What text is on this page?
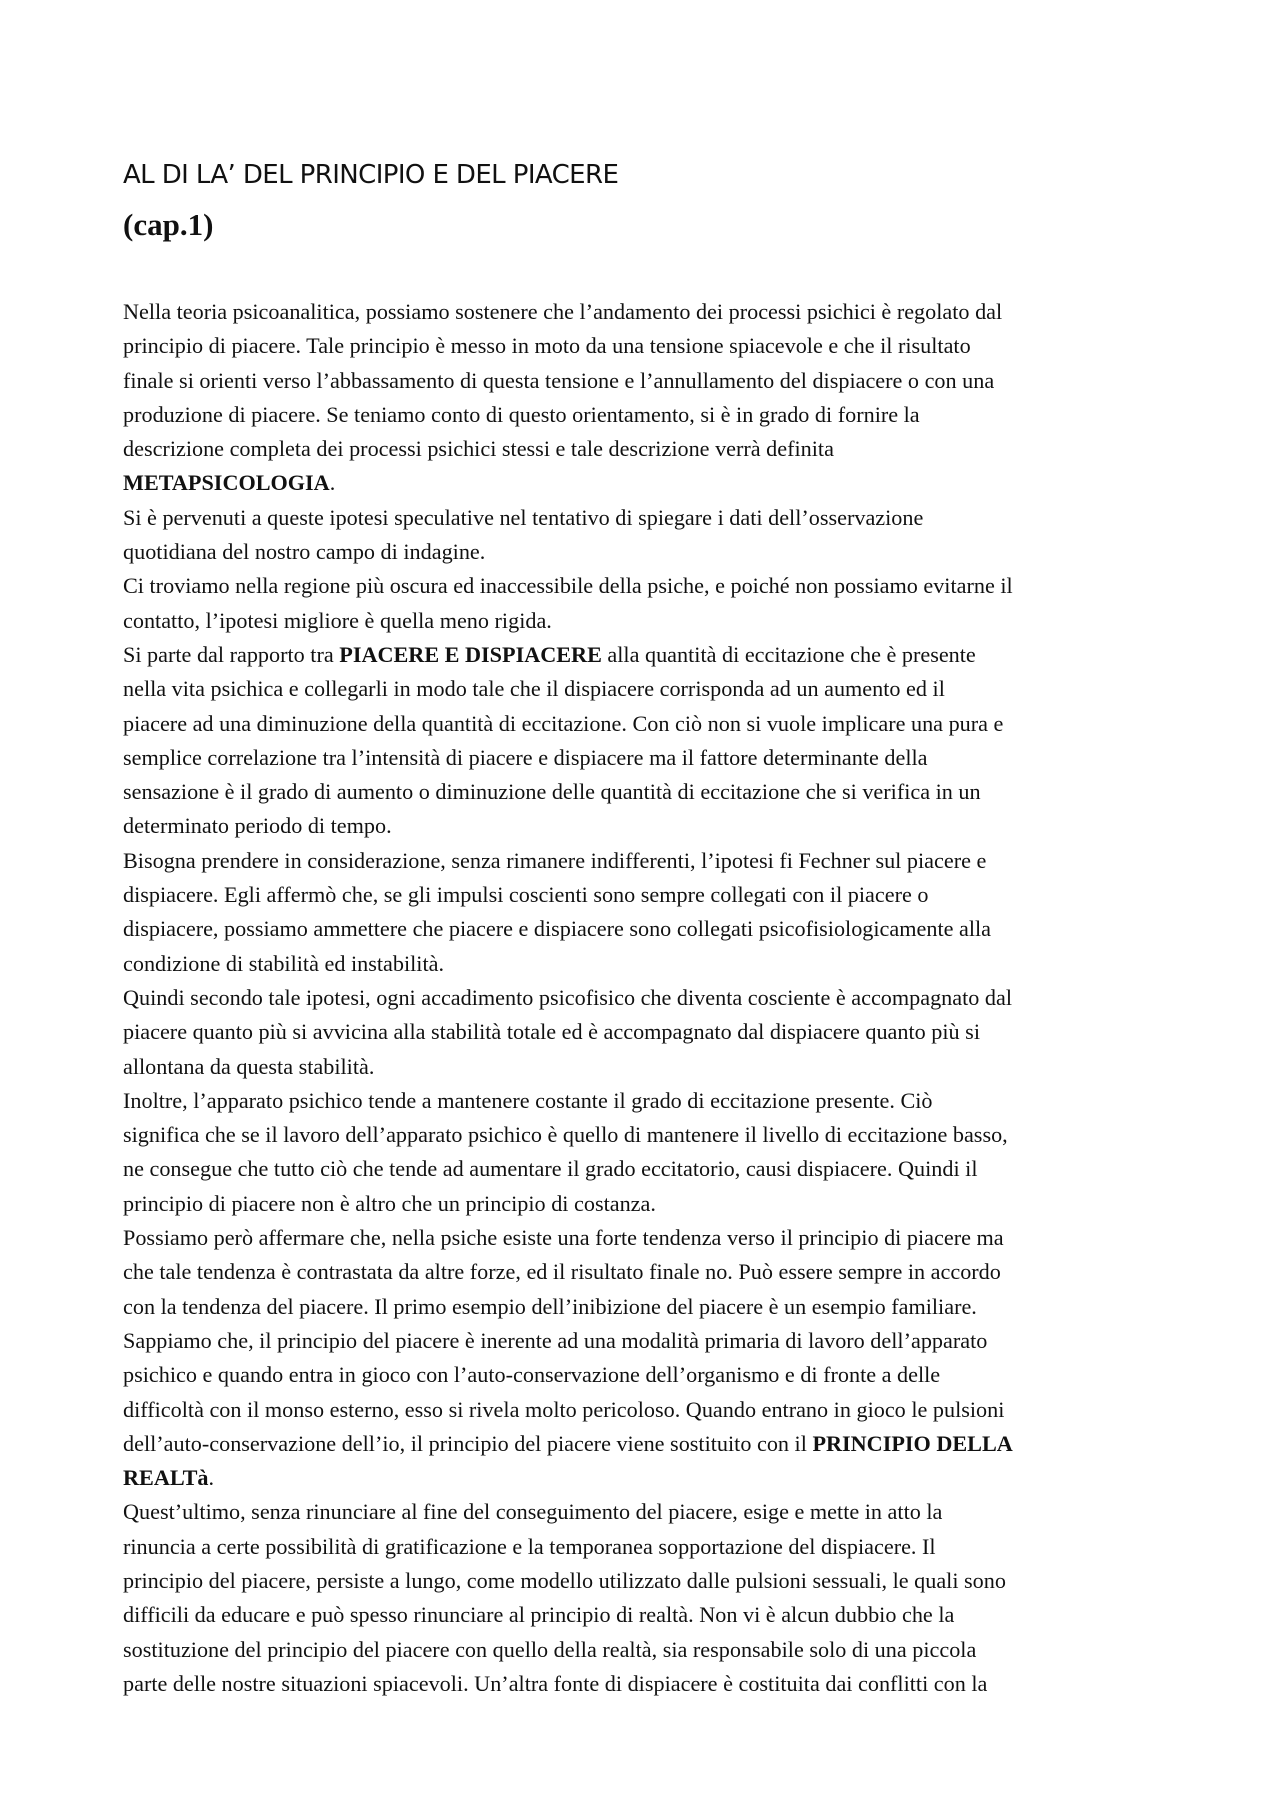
AL DI LA’ DEL PRINCIPIO E DEL PIACERE
(cap.1)
Nella teoria psicoanalitica, possiamo sostenere che l’andamento dei processi psichici è regolato dal
principio di piacere. Tale principio è messo in moto da una tensione spiacevole e che il risultato
finale si orienti verso l’abbassamento di questa tensione e l’annullamento del dispiacere o con una
produzione di piacere. Se teniamo conto di questo orientamento, si è in grado di fornire la
descrizione completa dei processi psichici stessi e tale descrizione verrà definita
METAPSICOLOGIA.
Si è pervenuti a queste ipotesi speculative nel tentativo di spiegare i dati dell’osservazione
quotidiana del nostro campo di indagine.
Ci troviamo nella regione più oscura ed inaccessibile della psiche, e poiché non possiamo evitarne il
contatto, l’ipotesi migliore è quella meno rigida.
Si parte dal rapporto tra PIACERE E DISPIACERE alla quantità di eccitazione che è presente
nella vita psichica e collegarli in modo tale che il dispiacere corrisponda ad un aumento ed il
piacere ad una diminuzione della quantità di eccitazione. Con ciò non si vuole implicare una pura e
semplice correlazione tra l’intensità di piacere e dispiacere ma il fattore determinante della
sensazione è il grado di aumento o diminuzione delle quantità di eccitazione che si verifica in un
determinato periodo di tempo.
Bisogna prendere in considerazione, senza rimanere indifferenti, l’ipotesi fi Fechner sul piacere e
dispiacere. Egli affermò che, se gli impulsi coscienti sono sempre collegati con il piacere o
dispiacere, possiamo ammettere che piacere e dispiacere sono collegati psicofisiologicamente alla
condizione di stabilità ed instabilità.
Quindi secondo tale ipotesi, ogni accadimento psicofisico che diventa cosciente è accompagnato dal
piacere quanto più si avvicina alla stabilità totale ed è accompagnato dal dispiacere quanto più si
allontana da questa stabilità.
Inoltre, l’apparato psichico tende a mantenere costante il grado di eccitazione presente. Ciò
significa che se il lavoro dell’apparato psichico è quello di mantenere il livello di eccitazione basso,
ne consegue che tutto ciò che tende ad aumentare il grado eccitatorio, causi dispiacere. Quindi il
principio di piacere non è altro che un principio di costanza.
Possiamo però affermare che, nella psiche esiste una forte tendenza verso il principio di piacere ma
che tale tendenza è contrastata da altre forze, ed il risultato finale no. Può essere sempre in accordo
con la tendenza del piacere. Il primo esempio dell’inibizione del piacere è un esempio familiare.
Sappiamo che, il principio del piacere è inerente ad una modalità primaria di lavoro dell’apparato
psichico e quando entra in gioco con l’auto-conservazione dell’organismo e di fronte a delle
difficoltà con il monso esterno, esso si rivela molto pericoloso. Quando entrano in gioco le pulsioni
dell’auto-conservazione dell’io, il principio del piacere viene sostituito con il PRINCIPIO DELLA
REALTà.
Quest’ultimo, senza rinunciare al fine del conseguimento del piacere, esige e mette in atto la
rinuncia a certe possibilità di gratificazione e la temporanea sopportazione del dispiacere. Il
principio del piacere, persiste a lungo, come modello utilizzato dalle pulsioni sessuali, le quali sono
difficili da educare e può spesso rinunciare al principio di realtà. Non vi è alcun dubbio che la
sostituzione del principio del piacere con quello della realtà, sia responsabile solo di una piccola
parte delle nostre situazioni spiacevoli. Un’altra fonte di dispiacere è costituita dai conflitti con la
